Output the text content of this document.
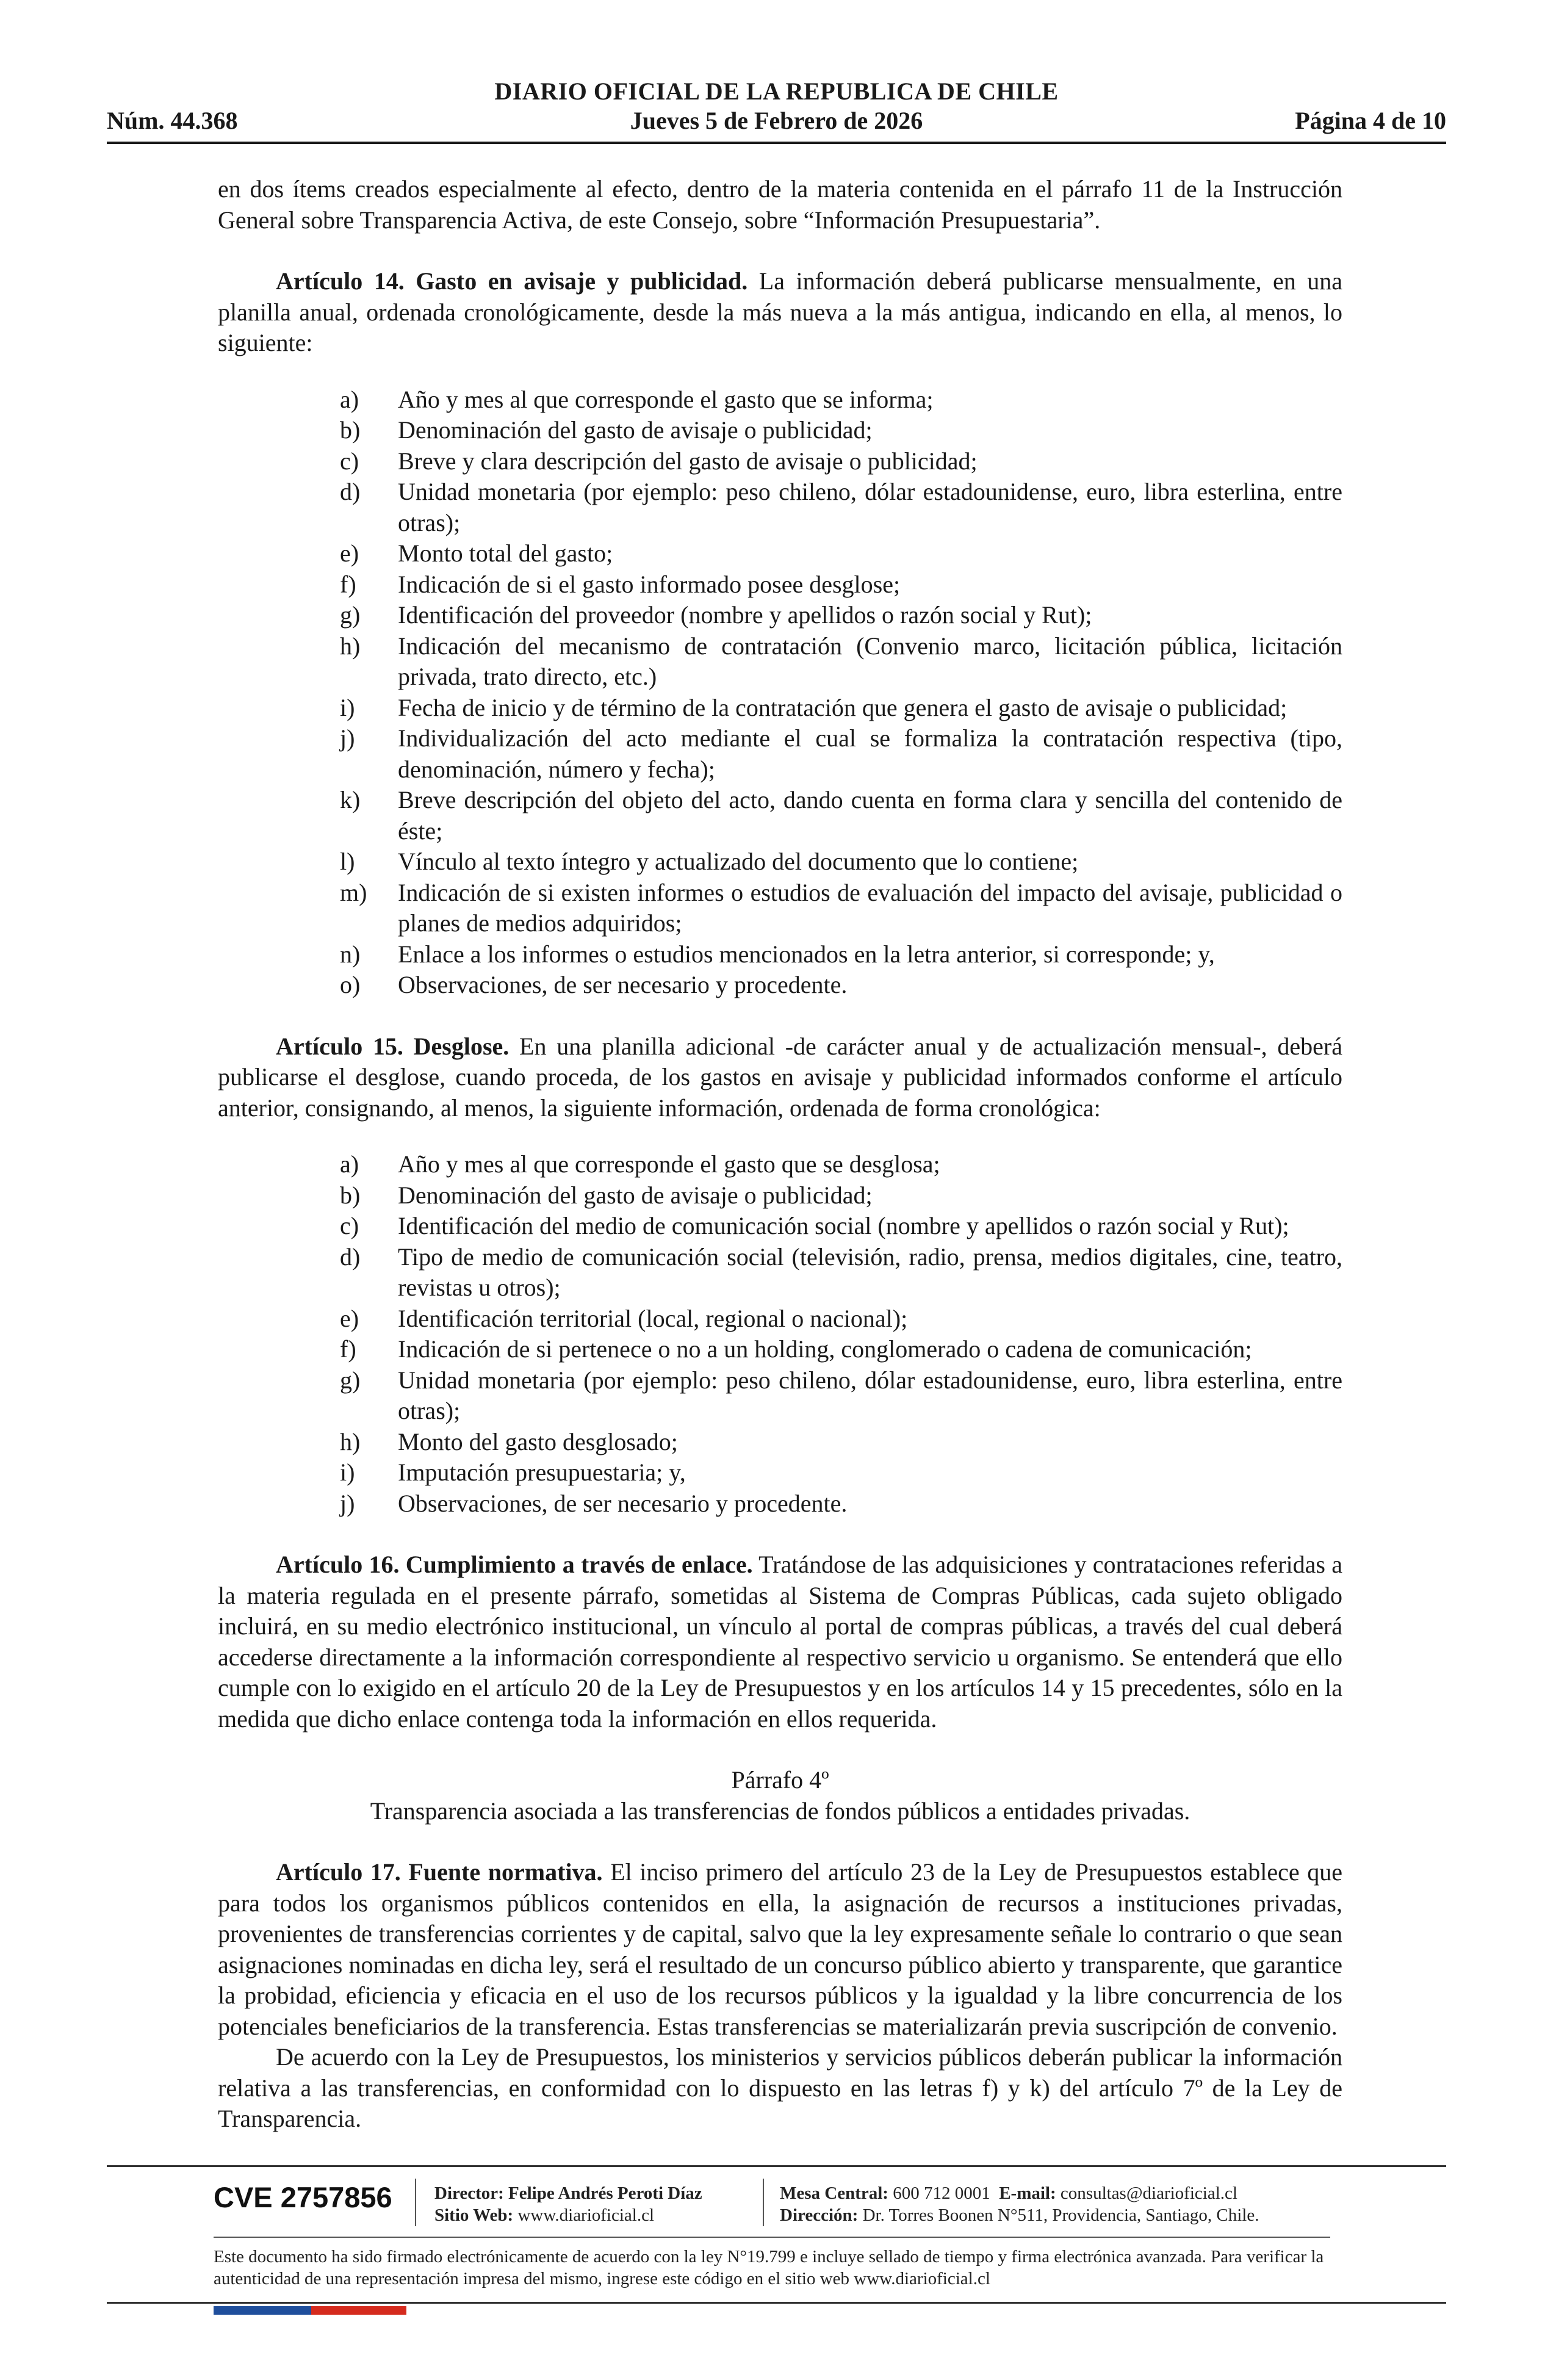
DIARIO OFICIAL DE LA REPUBLICA DE CHILE
Núm. 44.368	Jueves 5 de Febrero de 2026	Página 4 de 10

en dos ítems creados especialmente al efecto, dentro de la materia contenida en el párrafo 11 de la Instrucción General sobre Transparencia Activa, de este Consejo, sobre “Información Presupuestaria”.

Artículo 14. Gasto en avisaje y publicidad. La información deberá publicarse mensualmente, en una planilla anual, ordenada cronológicamente, desde la más nueva a la más antigua, indicando en ella, al menos, lo siguiente:

a) Año y mes al que corresponde el gasto que se informa;
b) Denominación del gasto de avisaje o publicidad;
c) Breve y clara descripción del gasto de avisaje o publicidad;
d) Unidad monetaria (por ejemplo: peso chileno, dólar estadounidense, euro, libra esterlina, entre otras);
e) Monto total del gasto;
f) Indicación de si el gasto informado posee desglose;
g) Identificación del proveedor (nombre y apellidos o razón social y Rut);
h) Indicación del mecanismo de contratación (Convenio marco, licitación pública, licitación privada, trato directo, etc.)
i) Fecha de inicio y de término de la contratación que genera el gasto de avisaje o publicidad;
j) Individualización del acto mediante el cual se formaliza la contratación respectiva (tipo, denominación, número y fecha);
k) Breve descripción del objeto del acto, dando cuenta en forma clara y sencilla del contenido de éste;
l) Vínculo al texto íntegro y actualizado del documento que lo contiene;
m) Indicación de si existen informes o estudios de evaluación del impacto del avisaje, publicidad o planes de medios adquiridos;
n) Enlace a los informes o estudios mencionados en la letra anterior, si corresponde; y,
o) Observaciones, de ser necesario y procedente.

Artículo 15. Desglose. En una planilla adicional -de carácter anual y de actualización mensual-, deberá publicarse el desglose, cuando proceda, de los gastos en avisaje y publicidad informados conforme el artículo anterior, consignando, al menos, la siguiente información, ordenada de forma cronológica:

a) Año y mes al que corresponde el gasto que se desglosa;
b) Denominación del gasto de avisaje o publicidad;
c) Identificación del medio de comunicación social (nombre y apellidos o razón social y Rut);
d) Tipo de medio de comunicación social (televisión, radio, prensa, medios digitales, cine, teatro, revistas u otros);
e) Identificación territorial (local, regional o nacional);
f) Indicación de si pertenece o no a un holding, conglomerado o cadena de comunicación;
g) Unidad monetaria (por ejemplo: peso chileno, dólar estadounidense, euro, libra esterlina, entre otras);
h) Monto del gasto desglosado;
i) Imputación presupuestaria; y,
j) Observaciones, de ser necesario y procedente.

Artículo 16. Cumplimiento a través de enlace. Tratándose de las adquisiciones y contrataciones referidas a la materia regulada en el presente párrafo, sometidas al Sistema de Compras Públicas, cada sujeto obligado incluirá, en su medio electrónico institucional, un vínculo al portal de compras públicas, a través del cual deberá accederse directamente a la información correspondiente al respectivo servicio u organismo. Se entenderá que ello cumple con lo exigido en el artículo 20 de la Ley de Presupuestos y en los artículos 14 y 15 precedentes, sólo en la medida que dicho enlace contenga toda la información en ellos requerida.

Párrafo 4º

Transparencia asociada a las transferencias de fondos públicos a entidades privadas.

Artículo 17. Fuente normativa. El inciso primero del artículo 23 de la Ley de Presupuestos establece que para todos los organismos públicos contenidos en ella, la asignación de recursos a instituciones privadas, provenientes de transferencias corrientes y de capital, salvo que la ley expresamente señale lo contrario o que sean asignaciones nominadas en dicha ley, será el resultado de un concurso público abierto y transparente, que garantice la probidad, eficiencia y eficacia en el uso de los recursos públicos y la igualdad y la libre concurrencia de los potenciales beneficiarios de la transferencia. Estas transferencias se materializarán previa suscripción de convenio.

De acuerdo con la Ley de Presupuestos, los ministerios y servicios públicos deberán publicar la información relativa a las transferencias, en conformidad con lo dispuesto en las letras f) y k) del artículo 7º de la Ley de Transparencia.

CVE 2757856 Director: Felipe Andrés Peroti Díaz
Sitio Web: www.diarioficial.cl
Mesa Central: 600 712 0001 E-mail: consultas@diarioficial.cl
Dirección: Dr. Torres Boonen N°511, Providencia, Santiago, Chile.
Este documento ha sido firmado electrónicamente de acuerdo con la ley N°19.799 e incluye sellado de tiempo y firma electrónica avanzada. Para verificar la autenticidad de una representación impresa del mismo, ingrese este código en el sitio web www.diarioficial.cl
